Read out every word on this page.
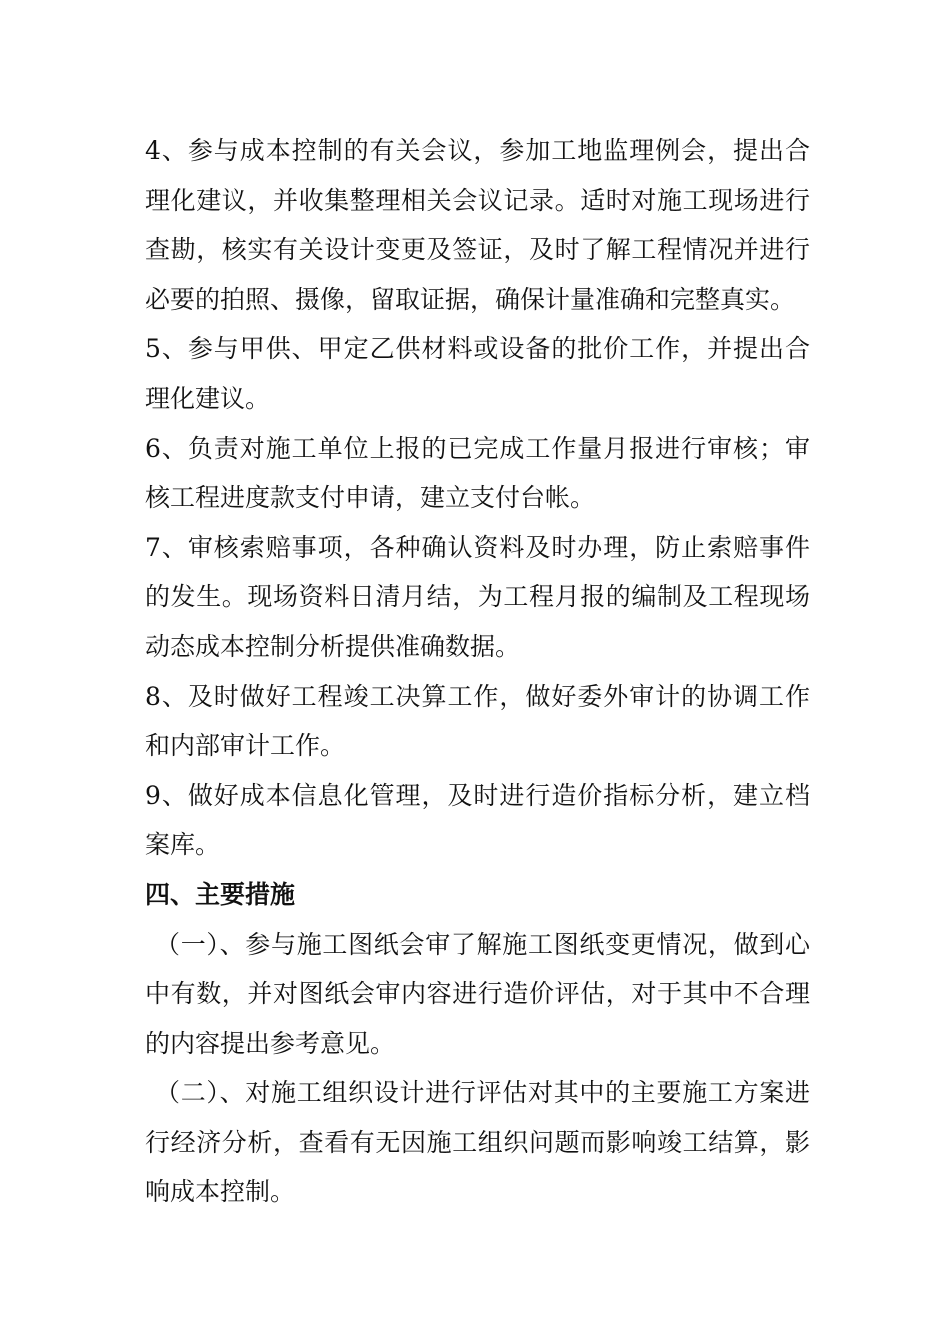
4、参与成本控制的有关会议，参加工地监理例会，提出合理化建议，并收集整理相关会议记录。适时对施工现场进行查勘，核实有关设计变更及签证，及时了解工程情况并进行必要的拍照、摄像，留取证据，确保计量准确和完整真实。

5、参与甲供、甲定乙供材料或设备的批价工作，并提出合理化建议。

6、负责对施工单位上报的已完成工作量月报进行审核；审核工程进度款支付申请，建立支付台帐。

7、审核索赔事项，各种确认资料及时办理，防止索赔事件的发生。现场资料日清月结，为工程月报的编制及工程现场动态成本控制分析提供准确数据。

8、及时做好工程竣工决算工作，做好委外审计的协调工作和内部审计工作。

9、做好成本信息化管理，及时进行造价指标分析，建立档案库。

四、主要措施

（一）、参与施工图纸会审了解施工图纸变更情况，做到心中有数，并对图纸会审内容进行造价评估，对于其中不合理的内容提出参考意见。

（二）、对施工组织设计进行评估对其中的主要施工方案进行经济分析，查看有无因施工组织问题而影响竣工结算，影响成本控制。
